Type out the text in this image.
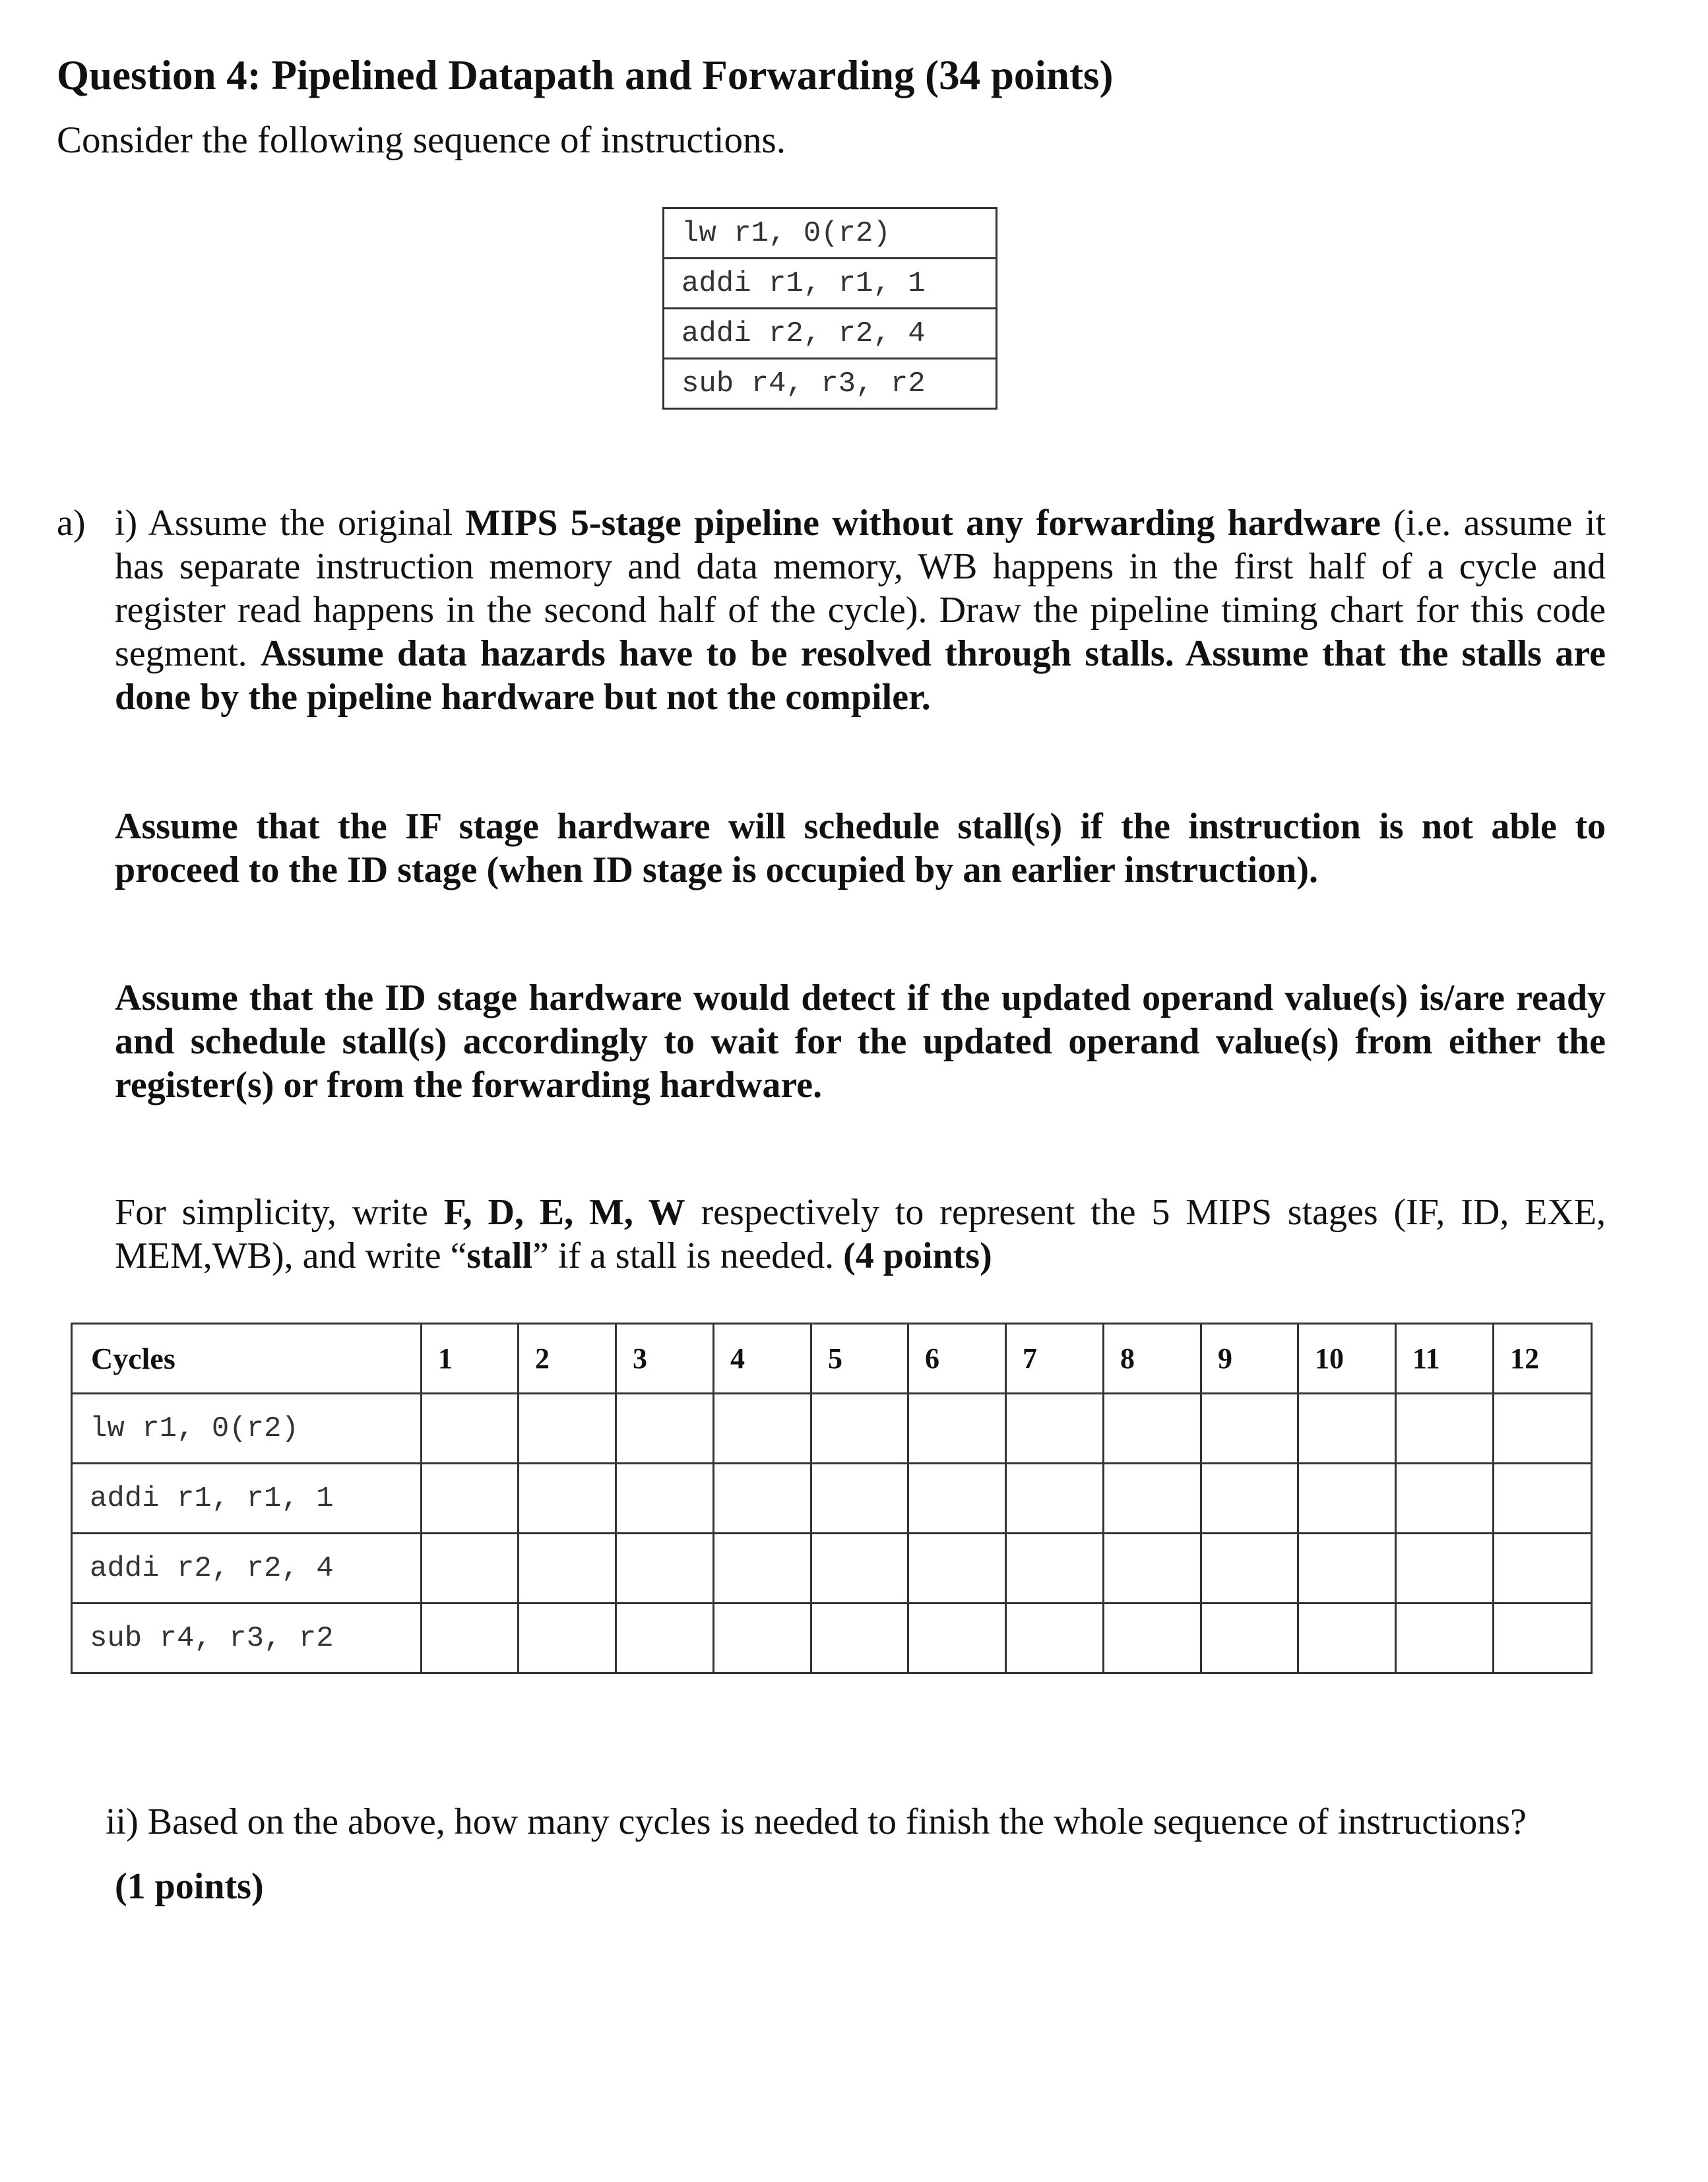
Question 4: Pipelined Datapath and Forwarding (34 points)
Consider the following sequence of instructions.
lw r1, 0(r2)
addi r1, r1, 1
addi r2, r2, 4
sub r4, r3, r2
a) i) Assume the original MIPS 5-stage pipeline without any forwarding hardware (i.e. assume it has separate instruction memory and data memory, WB happens in the first half of a cycle and register read happens in the second half of the cycle). Draw the pipeline timing chart for this code segment. Assume data hazards have to be resolved through stalls. Assume that the stalls are done by the pipeline hardware but not the compiler.
Assume that the IF stage hardware will schedule stall(s) if the instruction is not able to proceed to the ID stage (when ID stage is occupied by an earlier instruction).
Assume that the ID stage hardware would detect if the updated operand value(s) is/are ready and schedule stall(s) accordingly to wait for the updated operand value(s) from either the register(s) or from the forwarding hardware.
For simplicity, write F, D, E, M, W respectively to represent the 5 MIPS stages (IF, ID, EXE, MEM,WB), and write “stall” if a stall is needed. (4 points)
Cycles	1	2	3	4	5	6	7	8	9	10	11	12
lw r1, 0(r2)												
addi r1, r1, 1												
addi r2, r2, 4												
sub r4, r3, r2												
ii) Based on the above, how many cycles is needed to finish the whole sequence of instructions?
(1 points)
